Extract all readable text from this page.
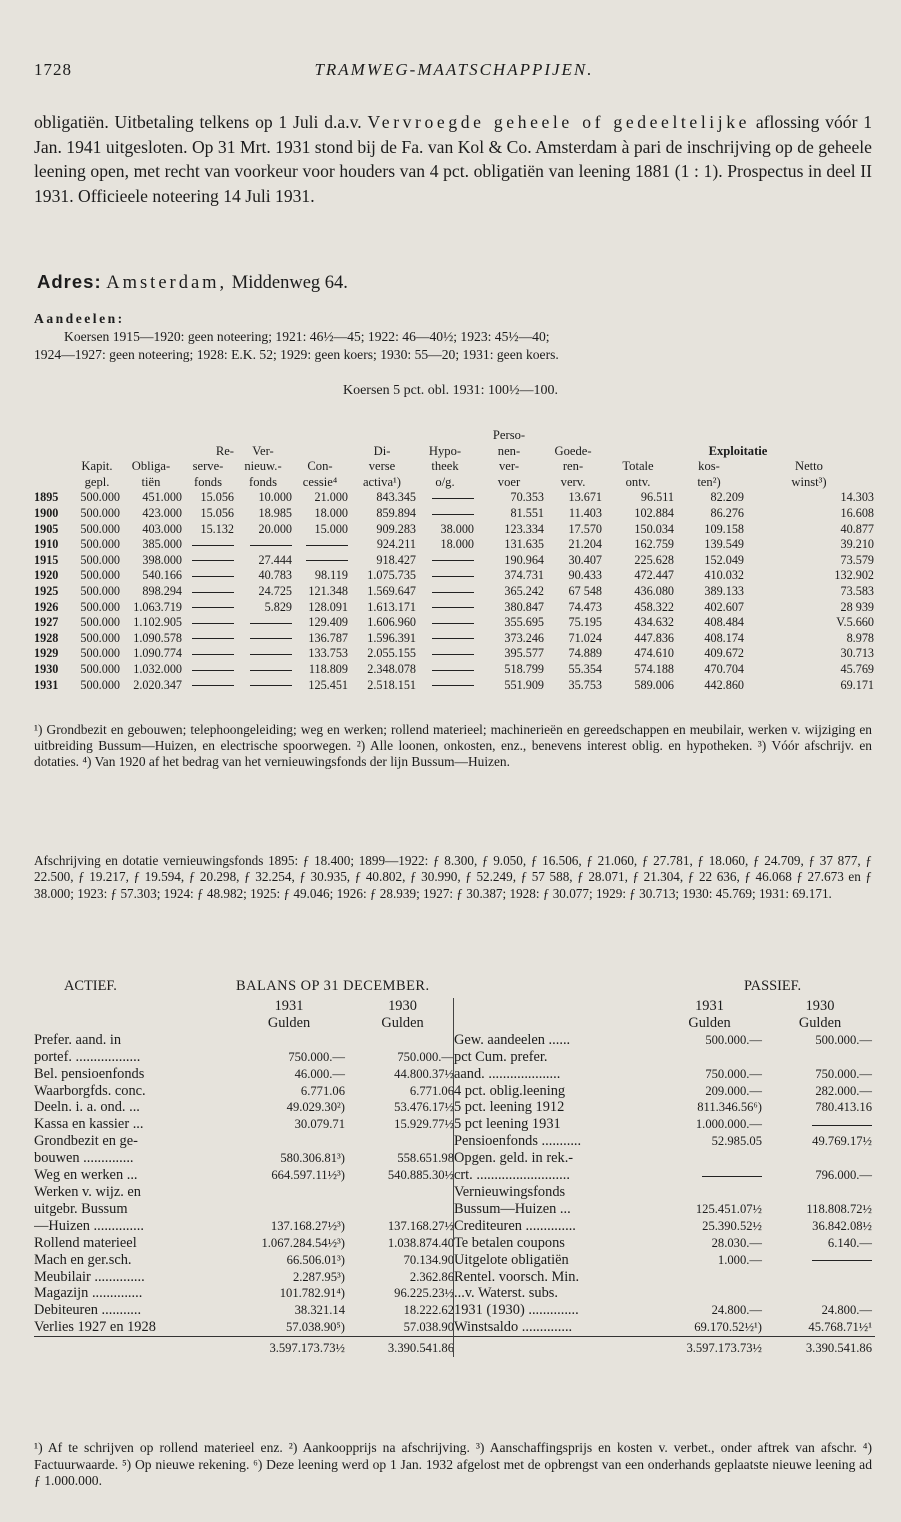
1728	TRAMWEG-MAATSCHAPPIJEN.
obligatiën. Uitbetaling telkens op 1 Juli d.a.v. Vervroegde geheele of gedeeltelijke aflossing vóór 1 Jan. 1941 uitgesloten. Op 31 Mrt. 1931 stond bij de Fa. van Kol & Co. Amsterdam à pari de inschrijving op de geheele leening open, met recht van voorkeur voor houders van 4 pct. obligatiën van leening 1881 (1 : 1). Prospectus in deel II 1931. Officieele noteering 14 Juli 1931.
Adres: Amsterdam, Middenweg 64.
Aandeelen:

Koersen 1915—1920: geen noteering; 1921: 46½—45; 1922: 46—40½; 1923: 45½—40;

1924—1927: geen noteering; 1928: E.K. 52; 1929: geen koers; 1930: 55—20; 1931: geen koers.

Koersen 5 pct. obl. 1931: 100½—100.
								Perso-				
			Re-	Ver-		Di-	Hypo-	nen-	Goede-	Exploitatie		
	Kapit.	Obliga-	serve-	nieuw.-	Con-	verse	theek	ver-	ren-	Totale	kos-	Netto
	gepl.	tiën	fonds	fonds	cessie⁴	activa¹)	o/g.	voer	verv.	ontv.	ten²)	winst³)
1895	500.000	451.000	15.056	10.000	21.000	843.345		70.353	13.671	96.511	82.209	14.303
1900	500.000	423.000	15.056	18.985	18.000	859.894		81.551	11.403	102.884	86.276	16.608
1905	500.000	403.000	15.132	20.000	15.000	909.283	38.000	123.334	17.570	150.034	109.158	40.877
1910	500.000	385.000				924.211	18.000	131.635	21.204	162.759	139.549	39.210
1915	500.000	398.000		27.444		918.427		190.964	30.407	225.628	152.049	73.579
1920	500.000	540.166		40.783	98.119	1.075.735		374.731	90.433	472.447	410.032	132.902
1925	500.000	898.294		24.725	121.348	1.569.647		365.242	67 548	436.080	389.133	73.583
1926	500.000	1.063.719		5.829	128.091	1.613.171		380.847	74.473	458.322	402.607	28 939
1927	500.000	1.102.905			129.409	1.606.960		355.695	75.195	434.632	408.484	V.5.660
1928	500.000	1.090.578			136.787	1.596.391		373.246	71.024	447.836	408.174	8.978
1929	500.000	1.090.774			133.753	2.055.155		395.577	74.889	474.610	409.672	30.713
1930	500.000	1.032.000			118.809	2.348.078		518.799	55.354	574.188	470.704	45.769
1931	500.000	2.020.347			125.451	2.518.151		551.909	35.753	589.006	442.860	69.171
¹) Grondbezit en gebouwen; telephoongeleiding; weg en werken; rollend materieel; machinerieën en gereedschappen en meubilair, werken v. wijziging en uitbreiding Bussum—Huizen, en electrische spoorwegen. ²) Alle loonen, onkosten, enz., benevens interest oblig. en hypotheken. ³) Vóór afschrijv. en dotaties. ⁴) Van 1920 af het bedrag van het vernieuwingsfonds der lijn Bussum—Huizen.
Afschrijving en dotatie vernieuwingsfonds 1895: ƒ 18.400; 1899—1922: ƒ 8.300, ƒ 9.050, ƒ 16.506, ƒ 21.060, ƒ 27.781, ƒ 18.060, ƒ 24.709, ƒ 37 877, ƒ 22.500, ƒ 19.217, ƒ 19.594, ƒ 20.298, ƒ 32.254, ƒ 30.935, ƒ 40.802, ƒ 30.990, ƒ 52.249, ƒ 57 588, ƒ 28.071, ƒ 21.304, ƒ 22 636, ƒ 46.068 ƒ 27.673 en ƒ 38.000; 1923: ƒ 57.303; 1924: ƒ 48.982; 1925: ƒ 49.046; 1926: ƒ 28.939; 1927: ƒ 30.387; 1928: ƒ 30.077; 1929: ƒ 30.713; 1930: 45.769; 1931: 69.171.
ACTIEF.	BALANS OP 31 DECEMBER.	PASSIEF.
	1931	1930
	Gulden	Gulden
Prefer. aand. in		
portef. ..................	750.000.—	750.000.—
Bel. pensioenfonds	46.000.—	44.800.37½
Waarborgfds. conc.	6.771.06	6.771.06
Deeln. i. a. ond. ...	49.029.30²)	53.476.17½
Kassa en kassier ...	30.079.71	15.929.77½
Grondbezit en ge-		
bouwen ..............	580.306.81³)	558.651.98
Weg en werken ...	664.597.11½³)	540.885.30½
Werken v. wijz. en		
uitgebr. Bussum		
—Huizen ..............	137.168.27½³)	137.168.27½
Rollend materieel	1.067.284.54½³)	1.038.874.40
Mach en ger.sch.	66.506.01³)	70.134.90
Meubilair ..............	2.287.95³)	2.362.86
Magazijn ..............	101.782.91⁴)	96.225.23½
Debiteuren ...........	38.321.14	18.222.62
Verlies 1927 en 1928	57.038.90⁵)	57.038.90
	3.597.173.73½	3.390.541.86
	1931	1930
	Gulden	Gulden
Gew. aandeelen ......	500.000.—	500.000.—
pct Cum. prefer.		
aand. ....................	750.000.—	750.000.—
4 pct. oblig.leening	209.000.—	282.000.—
5 pct. leening 1912	811.346.56⁶)	780.413.16
5 pct leening 1931	1.000.000.—	
Pensioenfonds ...........	52.985.05	49.769.17½
Opgen. geld. in rek.-		
crt. ..........................		796.000.—
Vernieuwingsfonds		
Bussum—Huizen ...	125.451.07½	118.808.72½
Crediteuren ..............	25.390.52½	36.842.08½
Te betalen coupons	28.030.—	6.140.—
Uitgelote obligatiën	1.000.—	
Rentel. voorsch. Min.		
...v. Waterst. subs.		
1931 (1930) ..............	24.800.—	24.800.—
Winstsaldo ..............	69.170.52½¹)	45.768.71½¹
	3.597.173.73½	3.390.541.86
¹) Af te schrijven op rollend materieel enz. ²) Aankoopprijs na afschrijving. ³) Aanschaffingsprijs en kosten v. verbet., onder aftrek van afschr. ⁴) Factuurwaarde. ⁵) Op nieuwe rekening. ⁶) Deze leening werd op 1 Jan. 1932 afgelost met de opbrengst van een onderhands geplaatste nieuwe leening ad ƒ 1.000.000.
